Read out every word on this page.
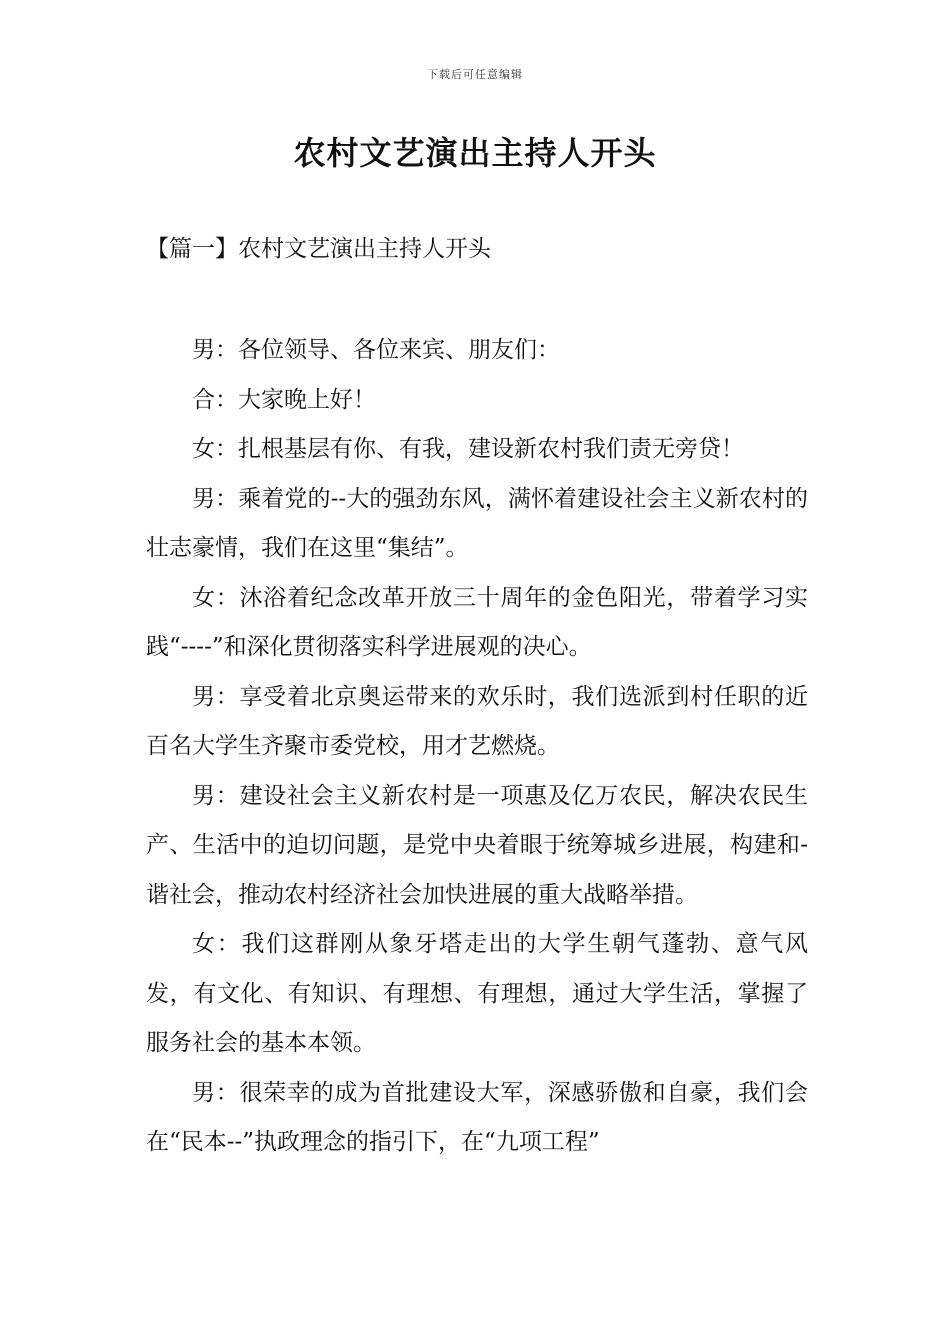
下载后可任意编辑
农村文艺演出主持人开头
【篇一】农村文艺演出主持人开头

男：各位领导、各位来宾、朋友们：

合：大家晚上好！

女：扎根基层有你、有我，建设新农村我们责无旁贷！

男：乘着党的--大的强劲东风，满怀着建设社会主义新农村的壮志豪情，我们在这里“集结”。

女：沐浴着纪念改革开放三十周年的金色阳光，带着学习实践“----”和深化贯彻落实科学进展观的决心。

男：享受着北京奥运带来的欢乐时，我们选派到村任职的近百名大学生齐聚市委党校，用才艺燃烧。

男：建设社会主义新农村是一项惠及亿万农民，解决农民生产、生活中的迫切问题，是党中央着眼于统筹城乡进展，构建和-谐社会，推动农村经济社会加快进展的重大战略举措。

女：我们这群刚从象牙塔走出的大学生朝气蓬勃、意气风发，有文化、有知识、有理想、有理想，通过大学生活，掌握了服务社会的基本本领。

男：很荣幸的成为首批建设大军，深感骄傲和自豪，我们会在“民本--”执政理念的指引下，在“九项工程”
